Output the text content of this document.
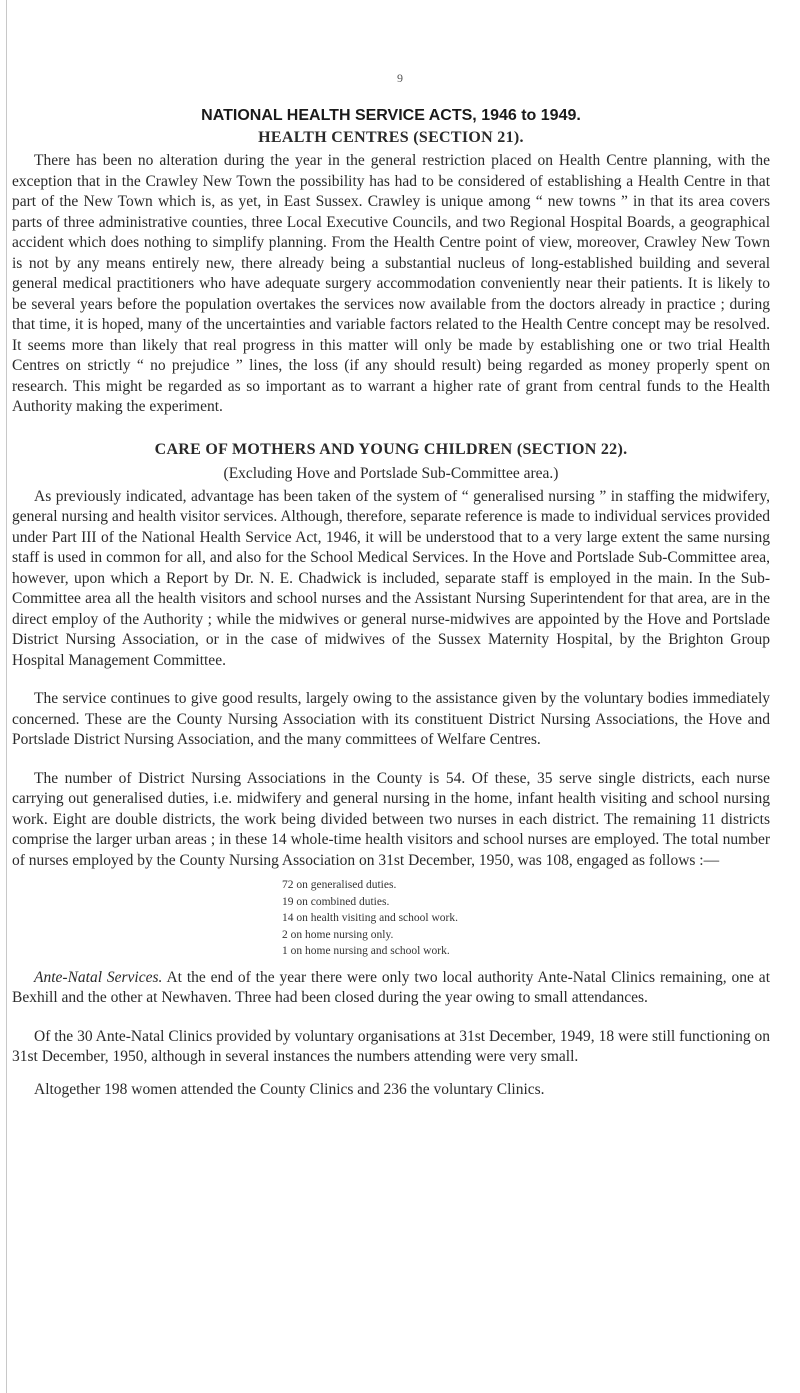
9
NATIONAL HEALTH SERVICE ACTS, 1946 to 1949.
HEALTH CENTRES (SECTION 21).

There has been no alteration during the year in the general restriction placed on Health Centre planning, with the exception that in the Crawley New Town the possibility has had to be considered of establishing a Health Centre in that part of the New Town which is, as yet, in East Sussex. Crawley is unique among “ new towns ” in that its area covers parts of three administrative counties, three Local Executive Councils, and two Regional Hospital Boards, a geographical accident which does nothing to simplify planning. From the Health Centre point of view, moreover, Crawley New Town is not by any means entirely new, there already being a substantial nucleus of long-established building and several general medical practitioners who have adequate surgery accommodation conveniently near their patients. It is likely to be several years before the population overtakes the services now available from the doctors already in practice ; during that time, it is hoped, many of the uncertainties and variable factors related to the Health Centre concept may be resolved. It seems more than likely that real progress in this matter will only be made by establishing one or two trial Health Centres on strictly “ no prejudice ” lines, the loss (if any should result) being regarded as money properly spent on research. This might be regarded as so important as to warrant a higher rate of grant from central funds to the Health Authority making the experiment.

CARE OF MOTHERS AND YOUNG CHILDREN (SECTION 22).
(Excluding Hove and Portslade Sub-Committee area.)

As previously indicated, advantage has been taken of the system of “ generalised nursing ” in staffing the midwifery, general nursing and health visitor services. Although, therefore, separate reference is made to individual services provided under Part III of the National Health Service Act, 1946, it will be understood that to a very large extent the same nursing staff is used in common for all, and also for the School Medical Services. In the Hove and Portslade Sub-Committee area, however, upon which a Report by Dr. N. E. Chadwick is included, separate staff is employed in the main. In the Sub-Committee area all the health visitors and school nurses and the Assistant Nursing Superintendent for that area, are in the direct employ of the Authority ; while the midwives or general nurse-midwives are appointed by the Hove and Portslade District Nursing Association, or in the case of midwives of the Sussex Maternity Hospital, by the Brighton Group Hospital Management Committee.

The service continues to give good results, largely owing to the assistance given by the voluntary bodies immediately concerned. These are the County Nursing Association with its constituent District Nursing Associations, the Hove and Portslade District Nursing Association, and the many committees of Welfare Centres.

The number of District Nursing Associations in the County is 54. Of these, 35 serve single districts, each nurse carrying out generalised duties, i.e. midwifery and general nursing in the home, infant health visiting and school nursing work. Eight are double districts, the work being divided between two nurses in each district. The remaining 11 districts comprise the larger urban areas ; in these 14 whole-time health visitors and school nurses are employed. The total number of nurses employed by the County Nursing Association on 31st December, 1950, was 108, engaged as follows :—

72 on generalised duties.
19 on combined duties.
14 on health visiting and school work.
2 on home nursing only.
1 on home nursing and school work.

Ante-Natal Services. At the end of the year there were only two local authority Ante-Natal Clinics remaining, one at Bexhill and the other at Newhaven. Three had been closed during the year owing to small attendances.

Of the 30 Ante-Natal Clinics provided by voluntary organisations at 31st December, 1949, 18 were still functioning on 31st December, 1950, although in several instances the numbers attending were very small.

Altogether 198 women attended the County Clinics and 236 the voluntary Clinics.
